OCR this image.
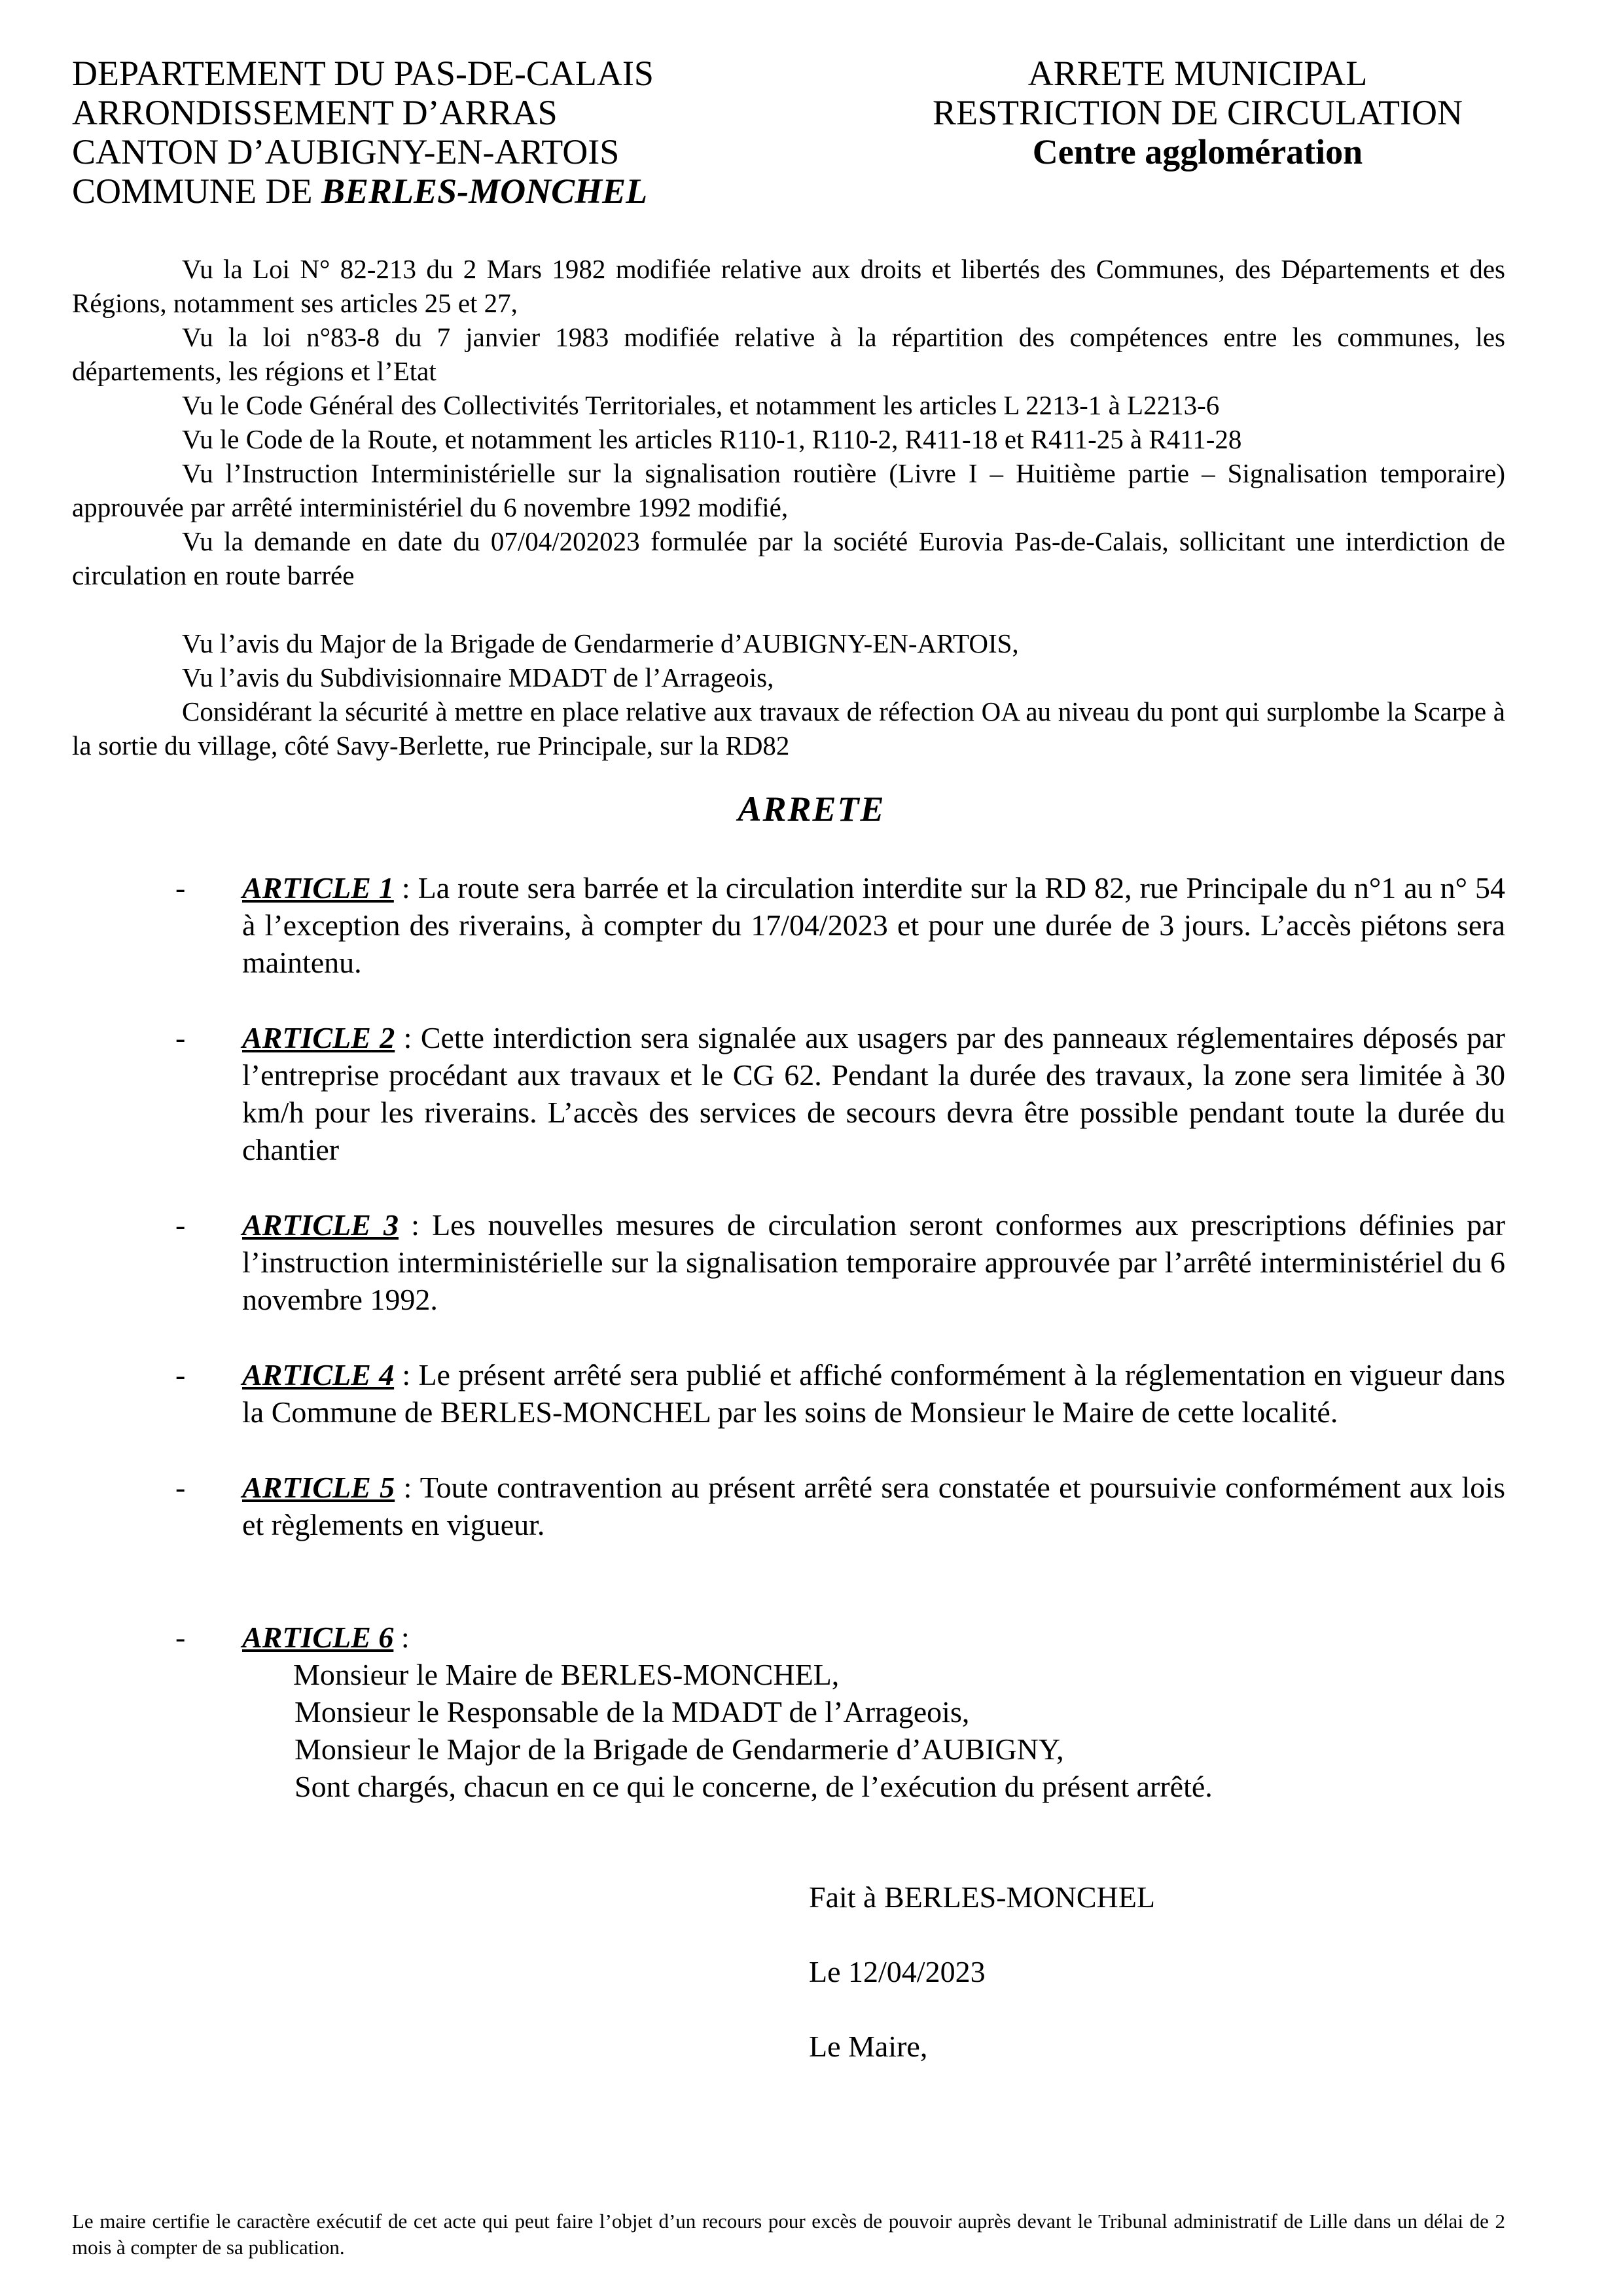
DEPARTEMENT DU PAS-DE-CALAIS
ARRONDISSEMENT D’ARRAS
CANTON D’AUBIGNY-EN-ARTOIS
COMMUNE DE BERLES-MONCHEL
ARRETE MUNICIPAL
RESTRICTION DE CIRCULATION
Centre agglomération

Vu la Loi N° 82-213 du 2 Mars 1982 modifiée relative aux droits et libertés des Communes, des Départements et des Régions, notamment ses articles 25 et 27,

Vu la loi n°83-8 du 7 janvier 1983 modifiée relative à la répartition des compétences entre les communes, les départements, les régions et l’Etat

Vu le Code Général des Collectivités Territoriales, et notamment les articles L 2213-1 à L2213-6

Vu le Code de la Route, et notamment les articles R110-1, R110-2, R411-18 et R411-25 à R411-28

Vu l’Instruction Interministérielle sur la signalisation routière (Livre I – Huitième partie – Signalisation temporaire) approuvée par arrêté interministériel du 6 novembre 1992 modifié,

Vu la demande en date du 07/04/202023 formulée par la société Eurovia Pas-de-Calais, sollicitant une interdiction de circulation en route barrée

Vu l’avis du Major de la Brigade de Gendarmerie d’AUBIGNY-EN-ARTOIS,

Vu l’avis du Subdivisionnaire MDADT de l’Arrageois,

Considérant la sécurité à mettre en place relative aux travaux de réfection OA au niveau du pont qui surplombe la Scarpe à la sortie du village, côté Savy-Berlette, rue Principale, sur la RD82

ARRETE
- ARTICLE 1 : La route sera barrée et la circulation interdite sur la RD 82, rue Principale du n°1 au n° 54 à l’exception des riverains, à compter du 17/04/2023 et pour une durée de 3 jours. L’accès piétons sera maintenu.
- ARTICLE 2 : Cette interdiction sera signalée aux usagers par des panneaux réglementaires déposés par l’entreprise procédant aux travaux et le CG 62. Pendant la durée des travaux, la zone sera limitée à 30 km/h pour les riverains. L’accès des services de secours devra être possible pendant toute la durée du chantier
- ARTICLE 3 : Les nouvelles mesures de circulation seront conformes aux prescriptions définies par l’instruction interministérielle sur la signalisation temporaire approuvée par l’arrêté interministériel du 6 novembre 1992.
- ARTICLE 4 : Le présent arrêté sera publié et affiché conformément à la réglementation en vigueur dans la Commune de BERLES-MONCHEL par les soins de Monsieur le Maire de cette localité.
- ARTICLE 5 : Toute contravention au présent arrêté sera constatée et poursuivie conformément aux lois et règlements en vigueur.
- ARTICLE 6 :
Monsieur le Maire de BERLES-MONCHEL,
Monsieur le Responsable de la MDADT de l’Arrageois,
Monsieur le Major de la Brigade de Gendarmerie d’AUBIGNY,
Sont chargés, chacun en ce qui le concerne, de l’exécution du présent arrêté.
Fait à BERLES-MONCHEL
Le 12/04/2023
Le Maire,
Le maire certifie le caractère exécutif de cet acte qui peut faire l’objet d’un recours pour excès de pouvoir auprès devant le Tribunal administratif de Lille dans un délai de 2 mois à compter de sa publication.
